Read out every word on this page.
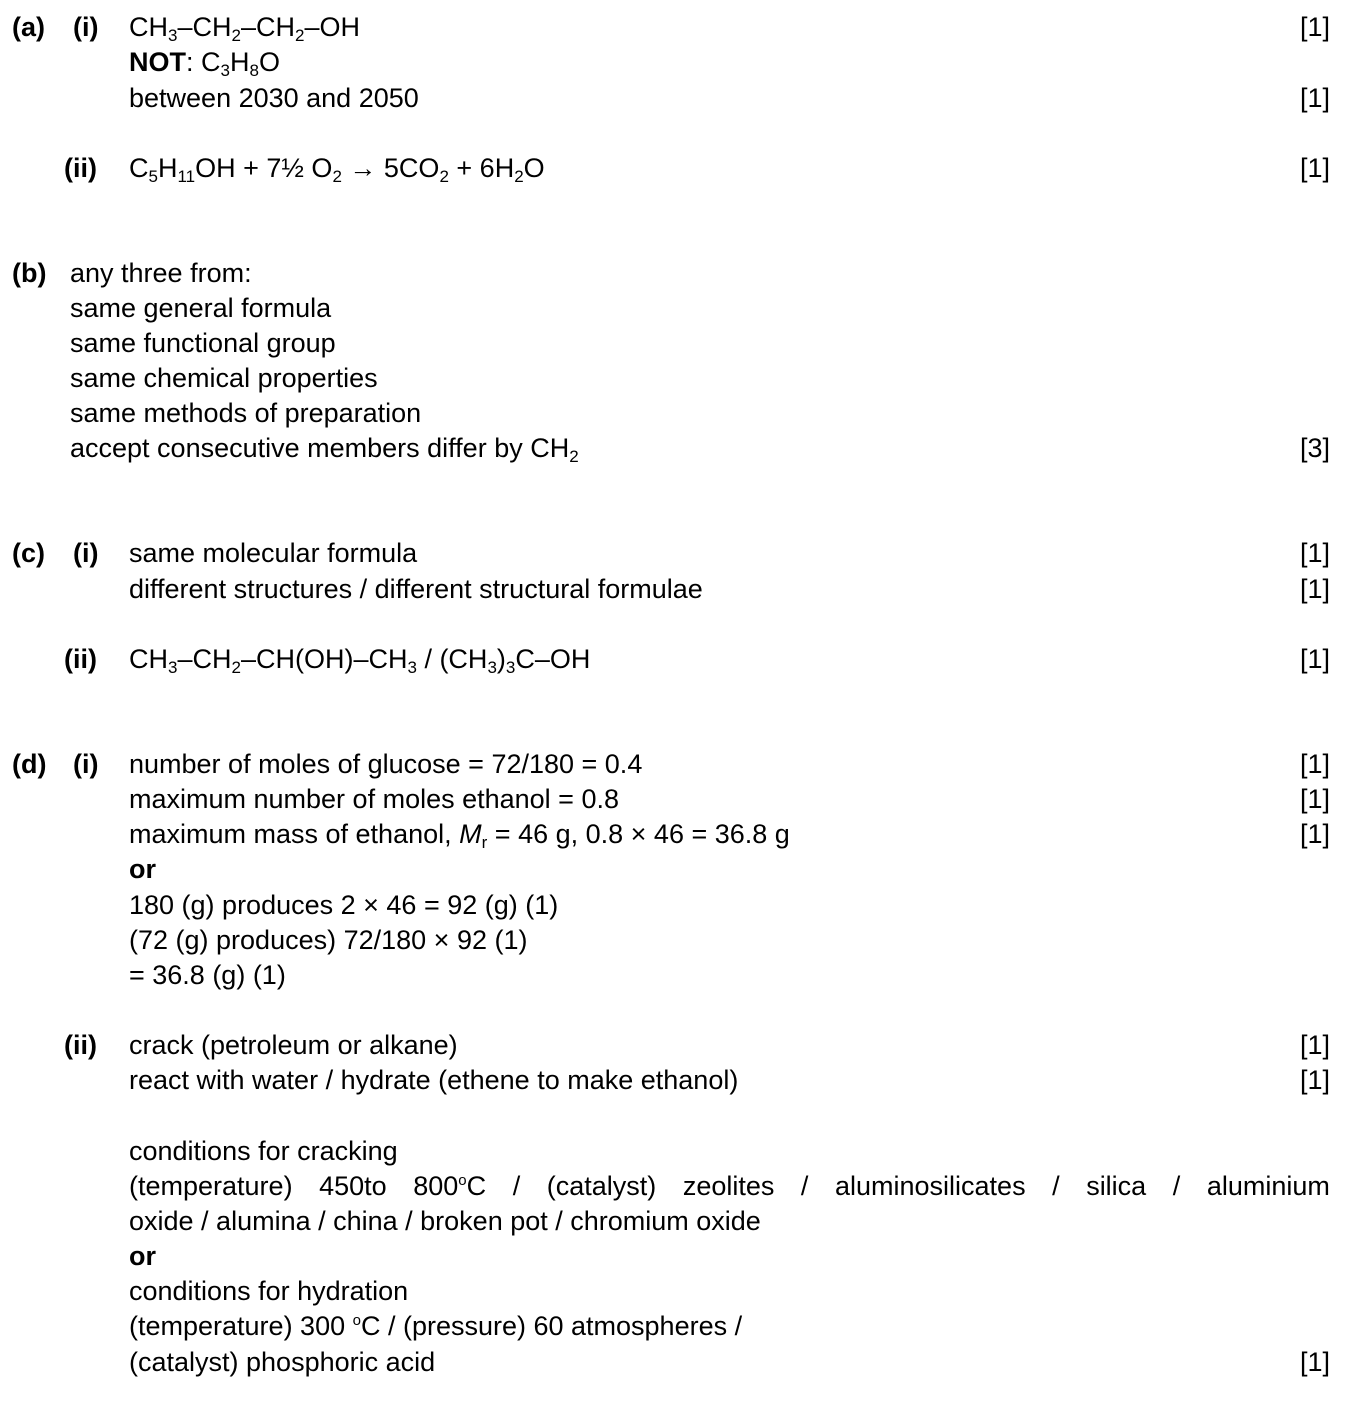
(a) (i) $CH_3-CH_2-CH_2-OH$	[1]
NOT: $C_3H_8O$
between 2030 and 2050	[1]
(ii) $C_5H_{11}OH$ + 7½ $O_2 \to 5CO_2 + 6H_2O$	[1]
(b) any three from:
same general formula
same functional group
same chemical properties
same methods of preparation
accept consecutive members differ by $CH_2$	[3]
(c) (i) same molecular formula	[1]
different structures / different structural formulae	[1]
(ii) $CH_3-CH_2-CH(OH)-CH_3 / (CH_3)_3C-OH$	[1]
(d) (i) number of moles of glucose = 72/180 = 0.4	[1]
maximum number of moles ethanol = 0.8	[1]
maximum mass of ethanol, $M_r = 46$ g, 0.8 × 46 = 36.8 g	[1]
or
180 (g) produces 2 × 46 = 92 (g) (1)
(72 (g) produces) 72/180 × 92 (1)
= 36.8 (g) (1)
(ii) crack (petroleum or alkane)	[1]
react with water / hydrate (ethene to make ethanol)	[1]
conditions for cracking
(temperature) 450to 800$^o$C / (catalyst) zeolites / aluminosilicates / silica / aluminium
oxide / alumina / china / broken pot / chromium oxide
or
conditions for hydration
(temperature) 300 $^o$C / (pressure) 60 atmospheres /
(catalyst) phosphoric acid	[1]
